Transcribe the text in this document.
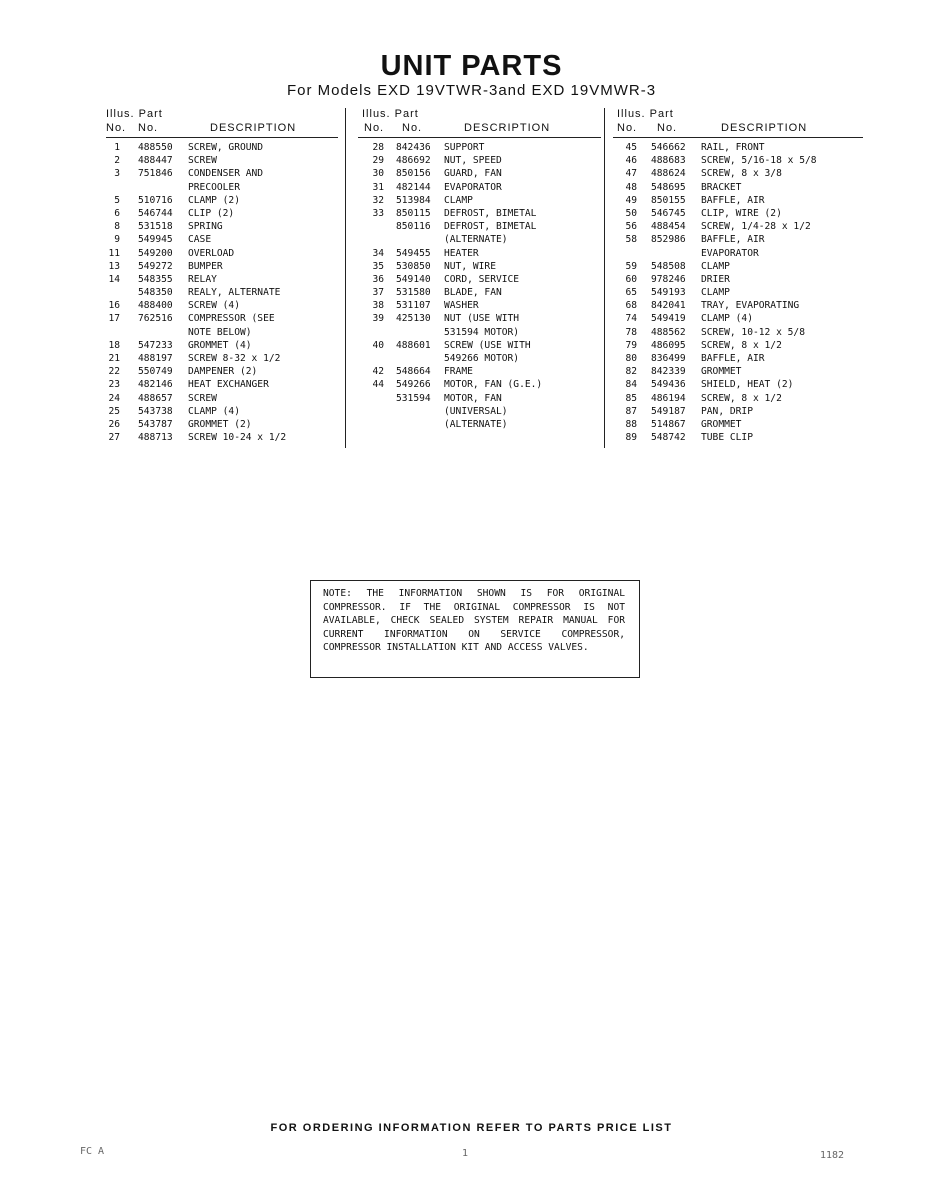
UNIT PARTS
For Models EXD 19VTWR-3and EXD 19VMWR-3
Illus. Part
No. No.	DESCRIPTION
1 488550 SCREW, GROUND
2 488447 SCREW
3 751846 CONDENSER AND
PRECOOLER
5 510716 CLAMP (2)
6 546744 CLIP (2)
8 531518 SPRING
9 549945 CASE
11 549200 OVERLOAD
13 549272 BUMPER
14 548355 RELAY
548350 REALY, ALTERNATE
16 488400 SCREW (4)
17 762516 COMPRESSOR (SEE
NOTE BELOW)
18 547233 GROMMET (4)
21 488197 SCREW 8-32 x 1/2
22 550749 DAMPENER (2)
23 482146 HEAT EXCHANGER
24 488657 SCREW
25 543738 CLAMP (4)
26 543787 GROMMET (2)
27 488713 SCREW 10-24 x 1/2
Illus. Part
No. No.	DESCRIPTION
28 842436 SUPPORT
29 486692 NUT, SPEED
30 850156 GUARD, FAN
31 482144 EVAPORATOR
32 513984 CLAMP
33 850115 DEFROST, BIMETAL
850116 DEFROST, BIMETAL
(ALTERNATE)
34 549455 HEATER
35 530850 NUT, WIRE
36 549140 CORD, SERVICE
37 531580 BLADE, FAN
38 531107 WASHER
39 425130 NUT (USE WITH
531594 MOTOR)
40 488601 SCREW (USE WITH
549266 MOTOR)
42 548664 FRAME
44 549266 MOTOR, FAN (G.E.)
531594 MOTOR, FAN
(UNIVERSAL)
(ALTERNATE)
Illus. Part
No. No.	DESCRIPTION
45 546662 RAIL, FRONT
46 488683 SCREW, 5/16-18 x 5/8
47 488624 SCREW, 8 x 3/8
48 548695 BRACKET
49 850155 BAFFLE, AIR
50 546745 CLIP, WIRE (2)
56 488454 SCREW, 1/4-28 x 1/2
58 852986 BAFFLE, AIR
EVAPORATOR
59 548508 CLAMP
60 978246 DRIER
65 549193 CLAMP
68 842041 TRAY, EVAPORATING
74 549419 CLAMP (4)
78 488562 SCREW, 10-12 x 5/8
79 486095 SCREW, 8 x 1/2
80 836499 BAFFLE, AIR
82 842339 GROMMET
84 549436 SHIELD, HEAT (2)
85 486194 SCREW, 8 x 1/2
87 549187 PAN, DRIP
88 514867 GROMMET
89 548742 TUBE CLIP
NOTE: THE INFORMATION SHOWN IS FOR ORIGINAL COMPRESSOR. IF THE ORIGINAL COMPRESSOR IS NOT AVAILABLE, CHECK SEALED SYSTEM REPAIR MANUAL FOR CURRENT INFORMATION ON SERVICE COMPRESSOR, COMPRESSOR INSTALLATION KIT AND ACCESS VALVES.
FOR ORDERING INFORMATION REFER TO PARTS PRICE LIST
FC A	1	1182
